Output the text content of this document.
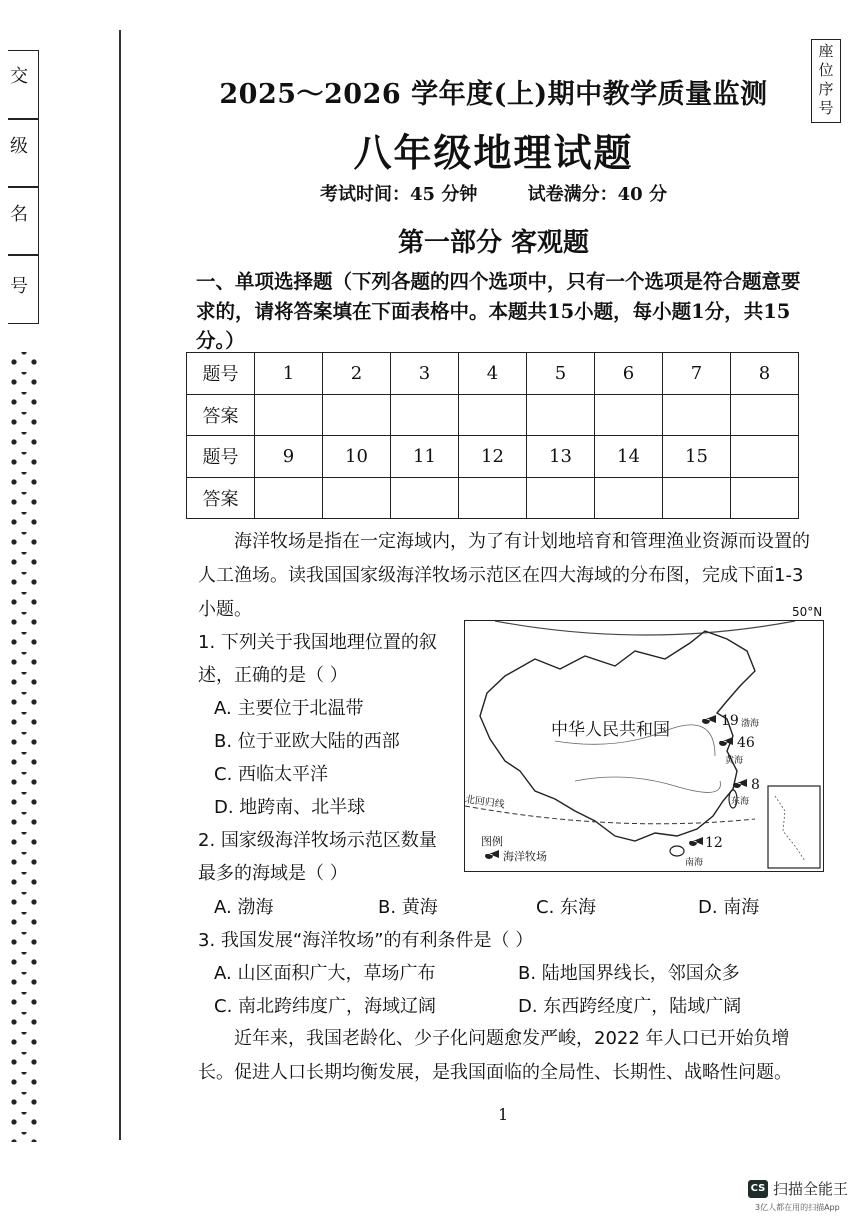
交
级
名
号
座位序号
2025～2026 学年度(上)期中教学质量监测
八年级地理试题
考试时间：45 分钟	试卷满分：40 分
第一部分 客观题
一、单项选择题（下列各题的四个选项中，只有一个选项是符合题意要求的，请将答案填在下面表格中。本题共15小题，每小题1分，共15分。）
题号	1	2	3	4	5	6	7	8
答案								
题号	9	10	11	12	13	14	15	
答案								
海洋牧场是指在一定海域内，为了有计划地培育和管理渔业资源而设置的人工渔场。读我国国家级海洋牧场示范区在四大海域的分布图，完成下面1-3 小题。
1. 下列关于我国地理位置的叙
述，正确的是（ ）
A. 主要位于北温带
B. 位于亚欧大陆的西部
C. 西临太平洋
D. 地跨南、北半球
2. 国家级海洋牧场示范区数量
最多的海域是（ ）
A. 渤海	B. 黄海	C. 东海	D. 南海
3. 我国发展“海洋牧场”的有利条件是（ ）
A. 山区面积广大，草场广布	B. 陆地国界线长，邻国众多
C. 南北跨纬度广，海域辽阔	D. 东西跨经度广，陆域广阔
50°N
中华人民共和国
北回归线
图例
海洋牧场
19 渤海
46
黄海
8
东海
12
南海
近年来，我国老龄化、少子化问题愈发严峻，2022 年人口已开始负增长。促进人口长期均衡发展，是我国面临的全局性、长期性、战略性问题。
1
CS 扫描全能王
3亿人都在用的扫描App
